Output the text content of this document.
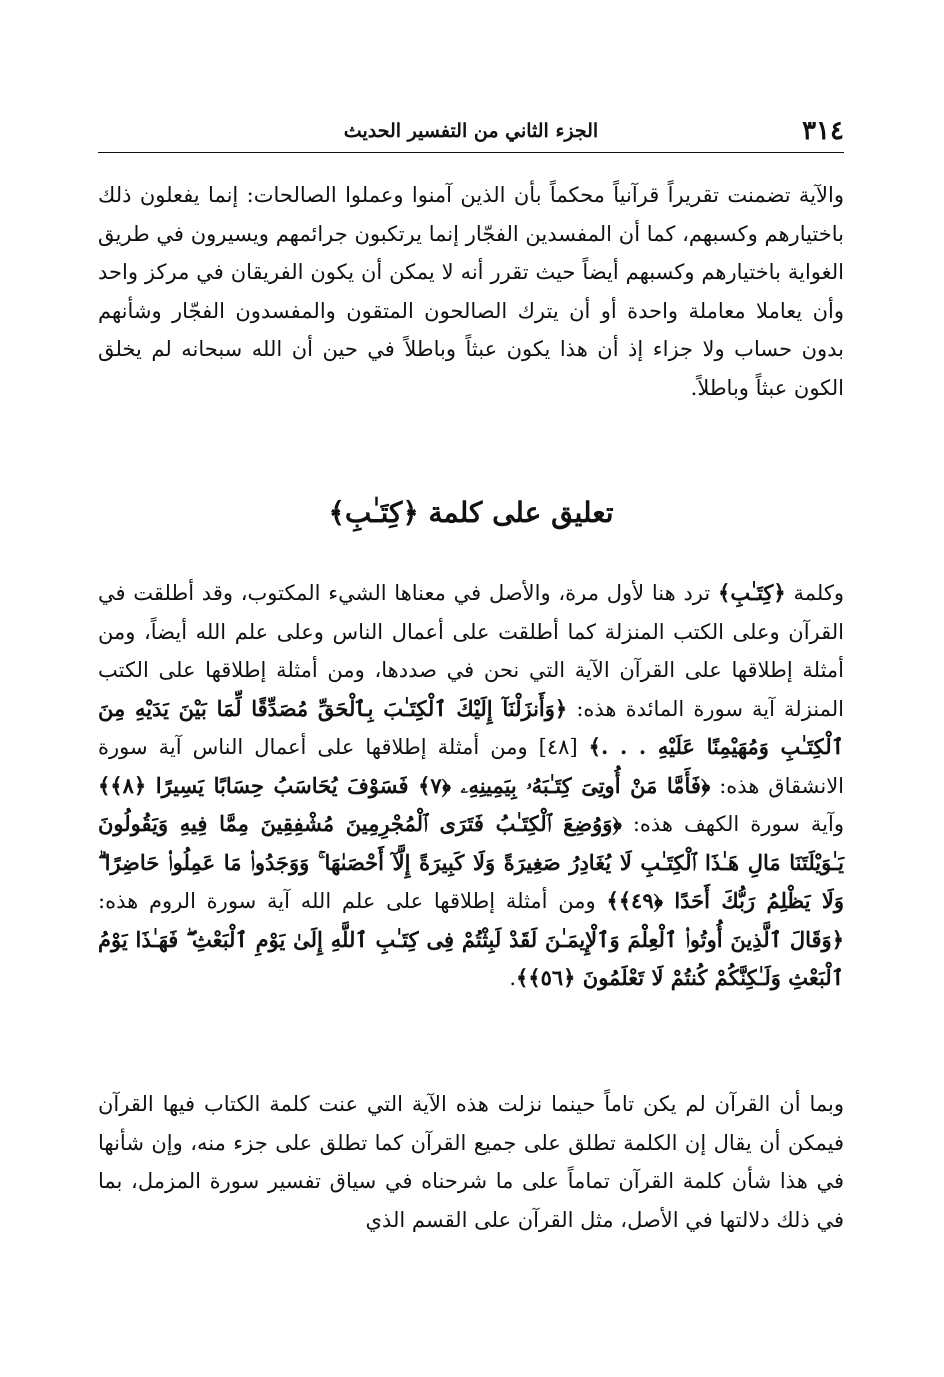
٣١٤
الجزء الثاني من التفسير الحديث

والآية تضمنت تقريراً قرآنياً محكماً بأن الذين آمنوا وعملوا الصالحات: إنما يفعلون ذلك باختيارهم وكسبهم، كما أن المفسدين الفجّار إنما يرتكبون جرائمهم ويسيرون في طريق الغواية باختيارهم وكسبهم أيضاً حيث تقرر أنه لا يمكن أن يكون الفريقان في مركز واحد وأن يعاملا معاملة واحدة أو أن يترك الصالحون المتقون والمفسدون الفجّار وشأنهم بدون حساب ولا جزاء إذ أن هذا يكون عبثاً وباطلاً في حين أن الله سبحانه لم يخلق الكون عبثاً وباطلاً.

تعليق على كلمة ﴿كِتَـٰبِ﴾

وكلمة ﴿كِتَـٰبِ﴾ ترد هنا لأول مرة، والأصل في معناها الشيء المكتوب، وقد أطلقت في القرآن وعلى الكتب المنزلة كما أطلقت على أعمال الناس وعلى علم الله أيضاً، ومن أمثلة إطلاقها على القرآن الآية التي نحن في صددها، ومن أمثلة إطلاقها على الكتب المنزلة آية سورة المائدة هذه: ﴿وَأَنزَلْنَآ إِلَيْكَ ٱلْكِتَـٰبَ بِٱلْحَقِّ مُصَدِّقًا لِّمَا بَيْنَ يَدَيْهِ مِنَ ٱلْكِتَـٰبِ وَمُهَيْمِنًا عَلَيْهِ . . .﴾ [٤٨] ومن أمثلة إطلاقها على أعمال الناس آية سورة الانشقاق هذه: ﴿فَأَمَّا مَنْ أُوتِىَ كِتَـٰبَهُۥ بِيَمِينِهِۦ ﴿٧﴾ فَسَوْفَ يُحَاسَبُ حِسَابًا يَسِيرًا ﴿٨﴾﴾ وآية سورة الكهف هذه: ﴿وَوُضِعَ ٱلْكِتَـٰبُ فَتَرَى ٱلْمُجْرِمِينَ مُشْفِقِينَ مِمَّا فِيهِ وَيَقُولُونَ يَـٰوَيْلَتَنَا مَالِ هَـٰذَا ٱلْكِتَـٰبِ لَا يُغَادِرُ صَغِيرَةً وَلَا كَبِيرَةً إِلَّآ أَحْصَىٰهَا ۚ وَوَجَدُوا۟ مَا عَمِلُوا۟ حَاضِرًا ۗ وَلَا يَظْلِمُ رَبُّكَ أَحَدًا ﴿٤٩﴾﴾ ومن أمثلة إطلاقها على علم الله آية سورة الروم هذه: ﴿وَقَالَ ٱلَّذِينَ أُوتُوا۟ ٱلْعِلْمَ وَٱلْإِيمَـٰنَ لَقَدْ لَبِثْتُمْ فِى كِتَـٰبِ ٱللَّهِ إِلَىٰ يَوْمِ ٱلْبَعْثِ ۖ فَهَـٰذَا يَوْمُ ٱلْبَعْثِ وَلَـٰكِنَّكُمْ كُنتُمْ لَا تَعْلَمُونَ ﴿٥٦﴾﴾.

وبما أن القرآن لم يكن تاماً حينما نزلت هذه الآية التي عنت كلمة الكتاب فيها القرآن فيمكن أن يقال إن الكلمة تطلق على جميع القرآن كما تطلق على جزء منه، وإن شأنها في هذا شأن كلمة القرآن تماماً على ما شرحناه في سياق تفسير سورة المزمل، بما في ذلك دلالتها في الأصل، مثل القرآن على القسم الذي
